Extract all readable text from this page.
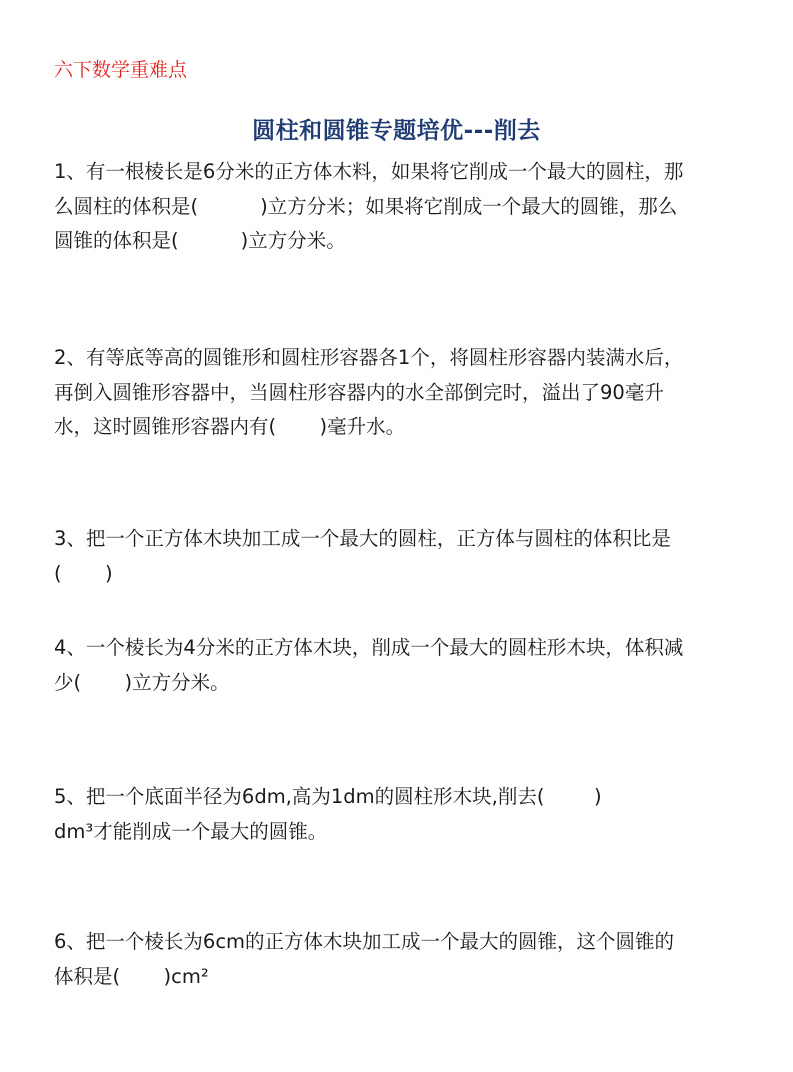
六下数学重难点
圆柱和圆锥专题培优---削去
1、有一根棱长是6分米的正方体木料，如果将它削成一个最大的圆柱，那
么圆柱的体积是(          )立方分米；如果将它削成一个最大的圆锥，那么
圆锥的体积是(          )立方分米。
2、有等底等高的圆锥形和圆柱形容器各1个，将圆柱形容器内装满水后，
再倒入圆锥形容器中，当圆柱形容器内的水全部倒完时，溢出了90毫升
水，这时圆锥形容器内有(       )毫升水。
3、把一个正方体木块加工成一个最大的圆柱，正方体与圆柱的体积比是
(       )
4、一个棱长为4分米的正方体木块，削成一个最大的圆柱形木块，体积减
少(       )立方分米。
5、把一个底面半径为6dm,高为1dm的圆柱形木块,削去(        )
dm³才能削成一个最大的圆锥。
6、把一个棱长为6cm的正方体木块加工成一个最大的圆锥，这个圆锥的
体积是(       )cm²
